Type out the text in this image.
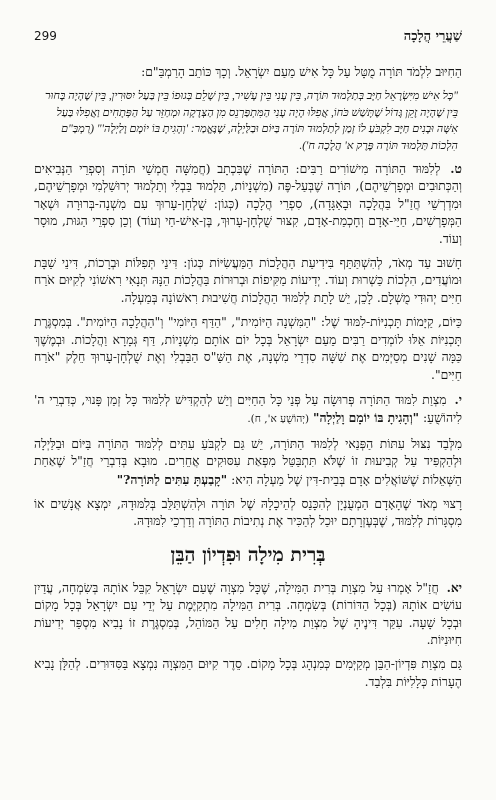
שַׁעֲרֵי הֲלָכָה
299

הַחִיּוּב לִלְמֹד תּוֹרָה מֻטָּל עַל כָּל אִישׁ מֵעַם יִשְׂרָאֵל. וְכָךְ כּוֹתֵב הָרַמְבַּ"ם:

"כָּל אִישׁ מִיִּשְׂרָאֵל חַיָּב בְּתַלְמוּד תּוֹרָה, בֵּין עָנִי בֵּין עָשִׁיר, בֵּין שָׁלֵם בְּגוּפוֹ בֵּין בַּעַל יִסּוּרִין, בֵּין שֶׁהָיָה בָּחוּר בֵּין שֶׁהָיָה זָקֵן גָּדוֹל שֶׁתָּשַׁשׁ כֹּחוֹ, אֲפִלּוּ הָיָה עָנִי הַמִּתְפַּרְנֵס מִן הַצְּדָקָה וּמְחַזֵּר עַל הַפְּתָחִים וַאֲפִלּוּ בַּעַל אִשָּׁה וּבָנִים חַיָּב לִקְבֹּעַ לוֹ זְמַן לְתַלְמוּד תּוֹרָה בַּיּוֹם וּבַלַּיְלָה, שֶׁנֶּאֱמַר: 'וְהָגִיתָ בּוֹ יוֹמָם וָלַיְלָה'" (רַמְבַּ"ם הִלְכוֹת תַּלְמוּד תּוֹרָה פֶּרֶק א' הֲלָכָה ח').

ט. לְלִמּוּד הַתּוֹרָה מִישׁוֹרִים רַבִּים: הַתּוֹרָה שֶׁבִּכְתָב (חֲמִשָּׁה חֻמְשֵׁי תּוֹרָה וְסִפְרֵי הַנְּבִיאִים וְהַכְּתוּבִים וּמְפָרְשֵׁיהֶם), תּוֹרָה שֶׁבְּעַל-פֶּה (מִשְׁנָיוֹת, תַּלְמוּד בַּבְלִי וְתַלְמוּד יְרוּשַׁלְמִי וּמְפָרְשֵׁיהֶם, וּמִדְרְשֵׁי חֲזַ"ל בַּהֲלָכָה וּבָאַגָּדָה), סִפְרֵי הֲלָכָה (כְּגוֹן: שֻׁלְחָן-עָרוּךְ עִם מִשְׁנָה-בְּרוּרָה וּשְׁאָר הַמְּפָרְשִׁים, חַיֵּי-אָדָם וְחָכְמַת-אָדָם, קִצּוּר שֻׁלְחָן-עָרוּךְ, בֶּן-אִישׁ-חַי וְעוֹד) וְכֵן סִפְרֵי הַגּוּת, מוּסָר וְעוֹד.

חָשׁוּב עַד מְאֹד, לְהִשְׁתַּתֵּף בִּידִיעַת הַהֲלָכוֹת הַמַּעֲשִׂיּוֹת כְּגוֹן: דִּינֵי תְּפִלּוֹת וּבְרָכוֹת, דִּינֵי שַׁבָּת וּמוֹעֲדִים, הִלְכוֹת כַּשְׁרוּת וְעוֹד. יְדִיעוֹת מַקִּיפוֹת וּבְרוּרוֹת בַּהֲלָכוֹת הֵנָּהּ תְּנָאִי רִאשׁוֹנִי לְקִיּוּם אֹרַח חַיִּים יְהוּדִי מֻשְׁלָם. לָכֵן, יֵשׁ לָתֵת לְלִמּוּד הַהֲלָכוֹת חֲשִׁיבוּת רִאשׁוֹנָה בְּמַעְלָה.

כַּיּוֹם, קַיָּמוֹת תָּכְנִיּוֹת-לִמּוּד שֶׁל: "הַמִּשְׁנָה הַיּוֹמִית", "הַדַּף הַיּוֹמִי" וְ"הַהֲלָכָה הַיּוֹמִית". בְּמִסְגֶּרֶת תָּכְנִיּוֹת אֵלּוּ לוֹמְדִים רַבִּים מֵעַם יִשְׂרָאֵל בְּכָל יוֹם אוֹתָם מִשְׁנָיוֹת, דַּף גְּמָרָא וַהֲלָכוֹת. וּבְמֶשֶׁךְ כַּמָּה שָׁנִים מְסַיְּמִים אֶת שִׁשָּׁה סִדְרֵי מִשְׁנָה, אֶת הַשַּׁ"ס הַבַּבְלִי וְאֶת שֻׁלְחָן-עָרוּךְ חֵלֶק "אֹרַח חַיִּים".

י. מִצְוַת לִמּוּד הַתּוֹרָה פְּרוּשָׂה עַל פְּנֵי כָּל הַחַיִּים וְיֵשׁ לְהַקְדִּישׁ לְלִמּוּד כָּל זְמַן פָּנוּי, כְּדִבְרֵי ה' לִיהוֹשֻׁעַ: "וְהָגִיתָ בּוֹ יוֹמָם וָלַיְלָה" (יְהוֹשֻׁעַ א', ח).

מִלְּבַד נִצּוּל עִתּוֹת הַפְּנַאי לְלִמּוּד הַתּוֹרָה, יֵשׁ גַּם לִקְבֹּעַ עִתִּים לְלִמּוּד הַתּוֹרָה בַּיּוֹם וּבַלַּיְלָה וּלְהַקְפִּיד עַל קְבִיעוּת זוֹ שֶׁלֹּא תִּתְבַּטֵּל מִפְּאַת עִסּוּקִים אֲחֵרִים. מוּבָא בְּדִבְרֵי חֲזַ"ל שֶׁאַחַת הַשְּׁאֵלוֹת שֶׁשּׁוֹאֲלִים אָדָם בְּבֵית-דִּין שֶׁל מַעְלָה הִיא: "קָבַעְתָּ עִתִּים לַתּוֹרָה?"

רָצוּי מְאֹד שֶׁהָאָדָם הַמְעֻנְיָן לְהִכָּנֵס לְהֵיכָלָהּ שֶׁל תּוֹרָה וּלְהִשְׁתַּלֵּב בְּלִמּוּדָהּ, יִמְצָא אֲנָשִׁים אוֹ מִסְגָּרוֹת לְלִמּוּד, שֶׁבְּעֶזְרָתָם יוּכַל לְהַכִּיר אֶת נְתִיבוֹת הַתּוֹרָה וְדַרְכֵי לִמּוּדָהּ.

בְּרִית מִילָה וּפִדְיוֹן הַבֵּן

יא. חֲזַ"ל אָמְרוּ עַל מִצְוַת בְּרִית הַמִּילָה, שֶׁכָּל מִצְוָה שֶׁעַם יִשְׂרָאֵל קִבֵּל אוֹתָהּ בְּשִׂמְחָה, עֲדַיִן עוֹשִׂים אוֹתָהּ (בְּכָל הַדּוֹרוֹת) בְּשִׂמְחָה. בְּרִית הַמִּילָה מִתְקַיֶּמֶת עַל יְדֵי עַם יִשְׂרָאֵל בְּכָל מָקוֹם וּבְכָל שָׁעָה. עִקַּר דִּינֶיהָ שֶׁל מִצְוַת מִילָה חָלִים עַל הַמּוֹהֵל, בְּמִסְגֶּרֶת זוֹ נָבִיא מִסְפַּר יְדִיעוֹת חִיּוּנִיּוֹת.

גַּם מִצְוַת פִּדְיוֹן-הַבֵּן מְקַיְּמִים כְּמִנְהָג בְּכָל מָקוֹם. סֵדֶר קִיּוּם הַמִּצְוָה נִמְצָא בַּסִּדּוּרִים. לְהַלָּן נָבִיא הֶעָרוֹת כְּלָלִיּוֹת בִּלְבַד.
